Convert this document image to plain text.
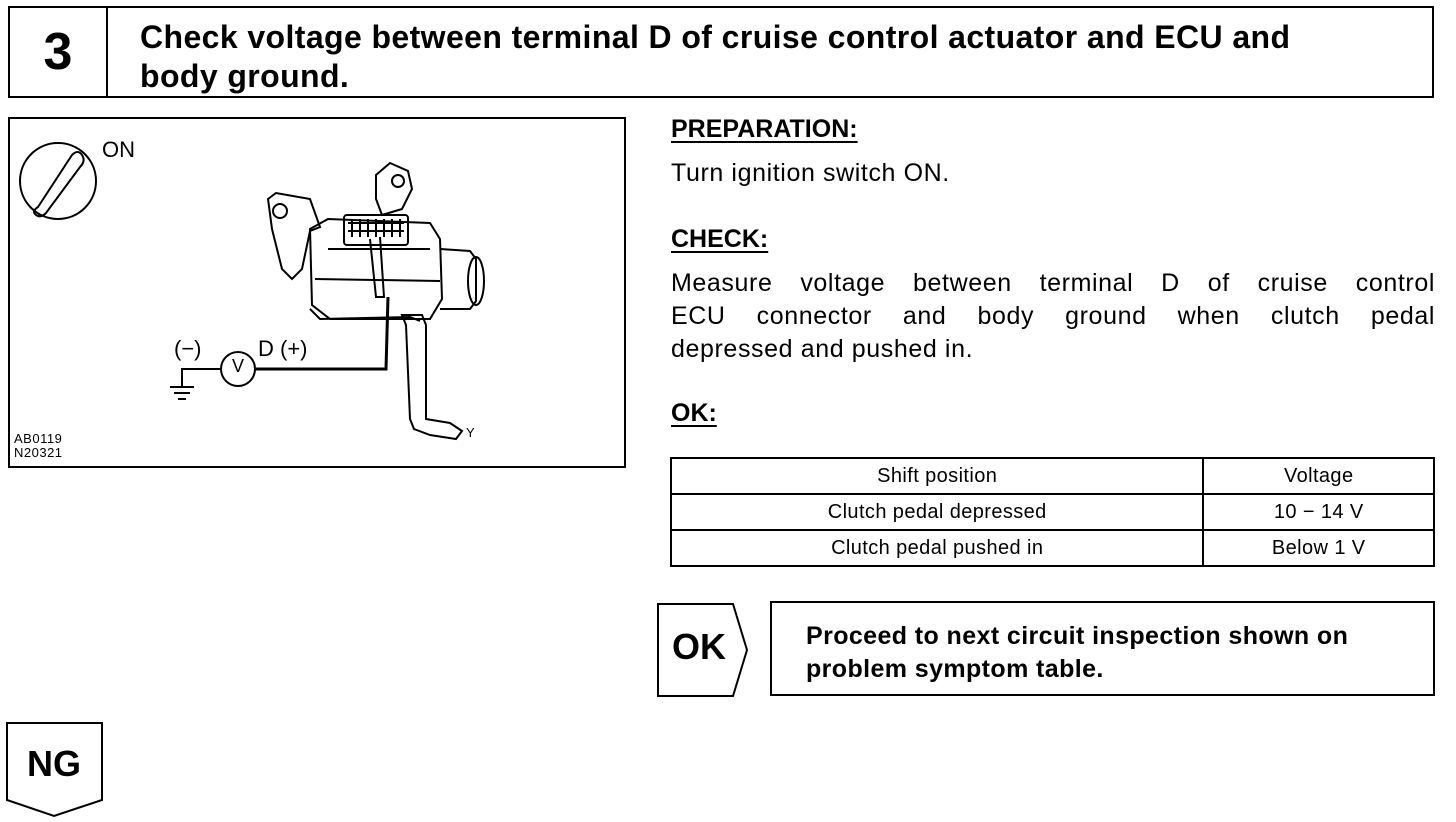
3	Check voltage between terminal D of cruise control actuator and ECU and
body ground.
ON
(−)
V
D (+)
Y
AB0119
N20321
PREPARATION:
Turn ignition switch ON.
CHECK:
Measure voltage between terminal D of cruise control
ECU connector and body ground when clutch pedal
depressed and pushed in.
OK:
Shift position	Voltage
Clutch pedal depressed	10 − 14 V
Clutch pedal pushed in	Below 1 V
OK	Proceed to next circuit inspection shown on
problem symptom table.
NG
